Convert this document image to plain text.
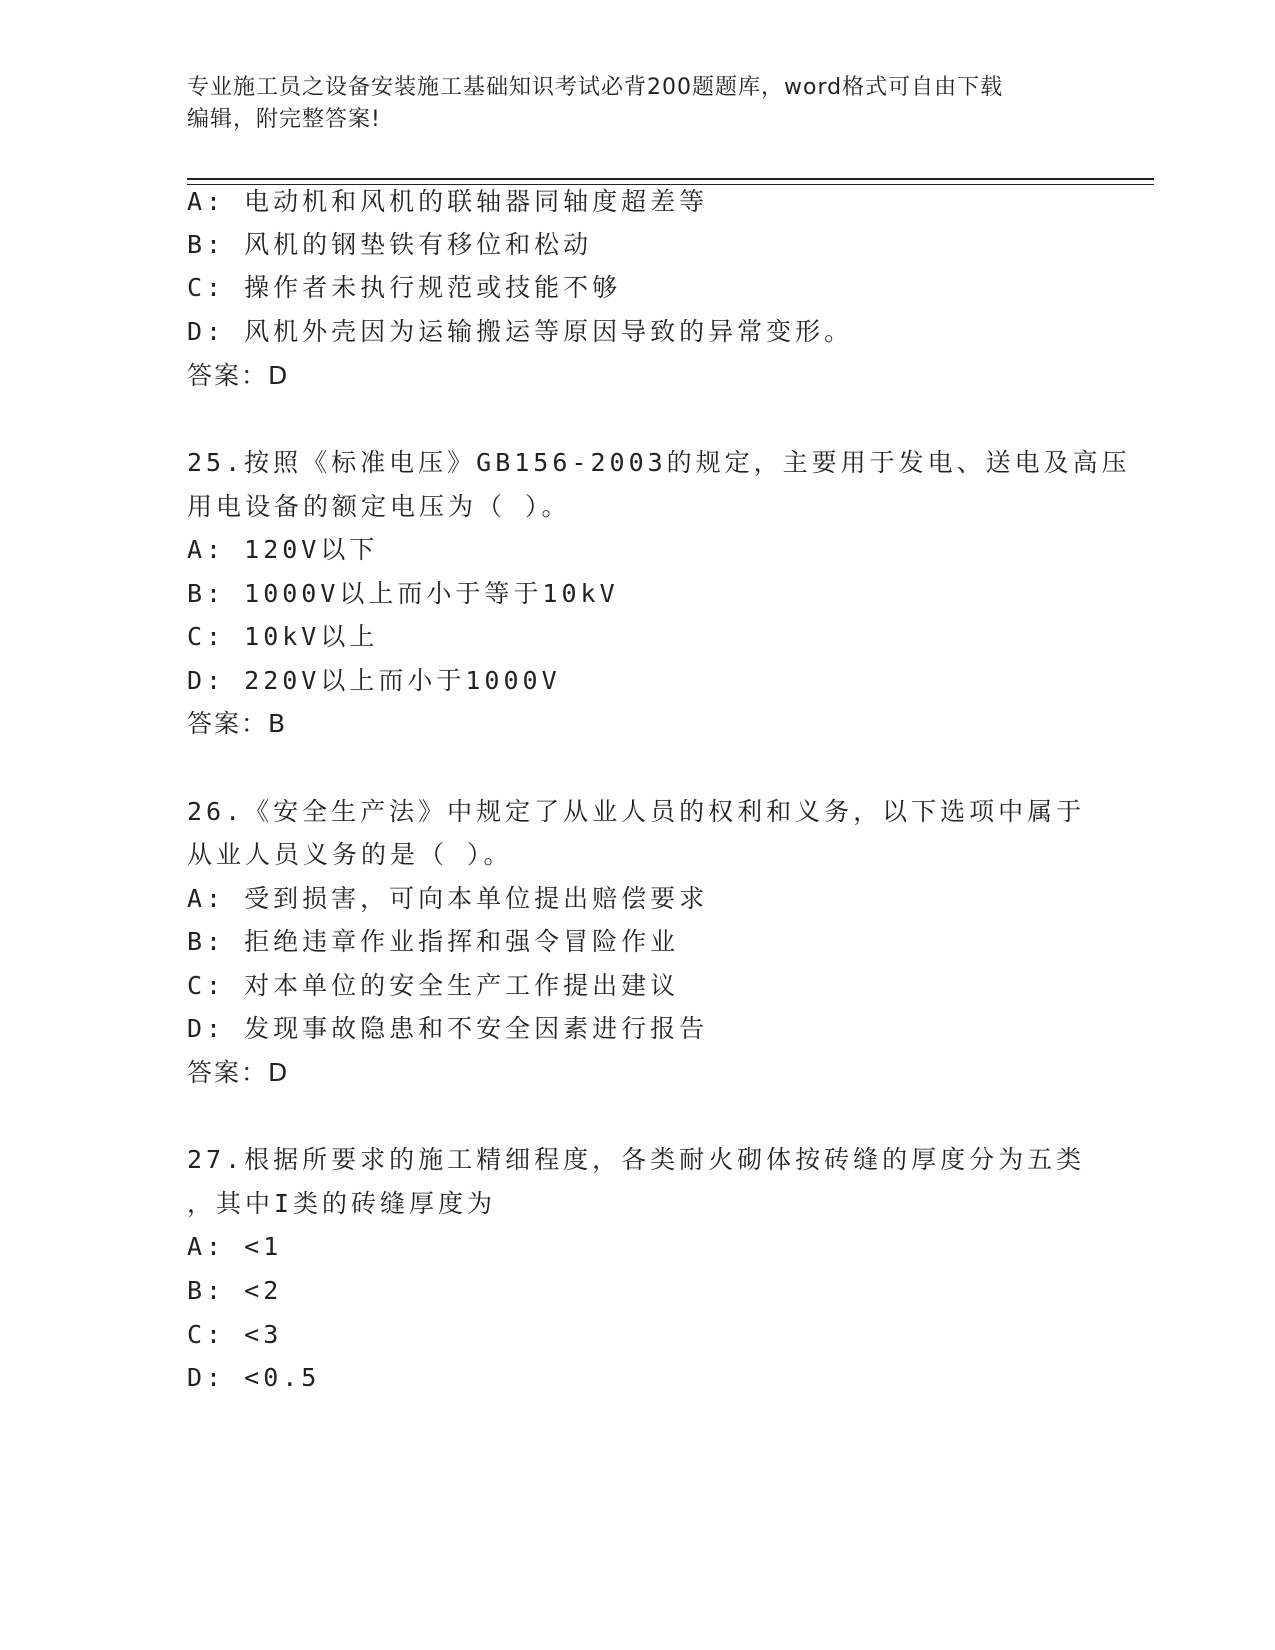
专业施工员之设备安装施工基础知识考试必背200题题库，word格式可自由下载
编辑，附完整答案!
A: 电动机和风机的联轴器同轴度超差等
B: 风机的钢垫铁有移位和松动
C: 操作者未执行规范或技能不够
D: 风机外壳因为运输搬运等原因导致的异常变形。
答案：D
25.按照《标准电压》GB156-2003的规定，主要用于发电、送电及高压
用电设备的额定电压为（ ）。
A: 120V以下
B: 1000V以上而小于等于10kV
C: 10kV以上
D: 220V以上而小于1000V
答案：B
26.《安全生产法》中规定了从业人员的权利和义务，以下选项中属于
从业人员义务的是（ ）。
A: 受到损害，可向本单位提出赔偿要求
B: 拒绝违章作业指挥和强令冒险作业
C: 对本单位的安全生产工作提出建议
D: 发现事故隐患和不安全因素进行报告
答案：D
27.根据所要求的施工精细程度，各类耐火砌体按砖缝的厚度分为五类
，其中I类的砖缝厚度为
A: <1
B: <2
C: <3
D: <0.5
